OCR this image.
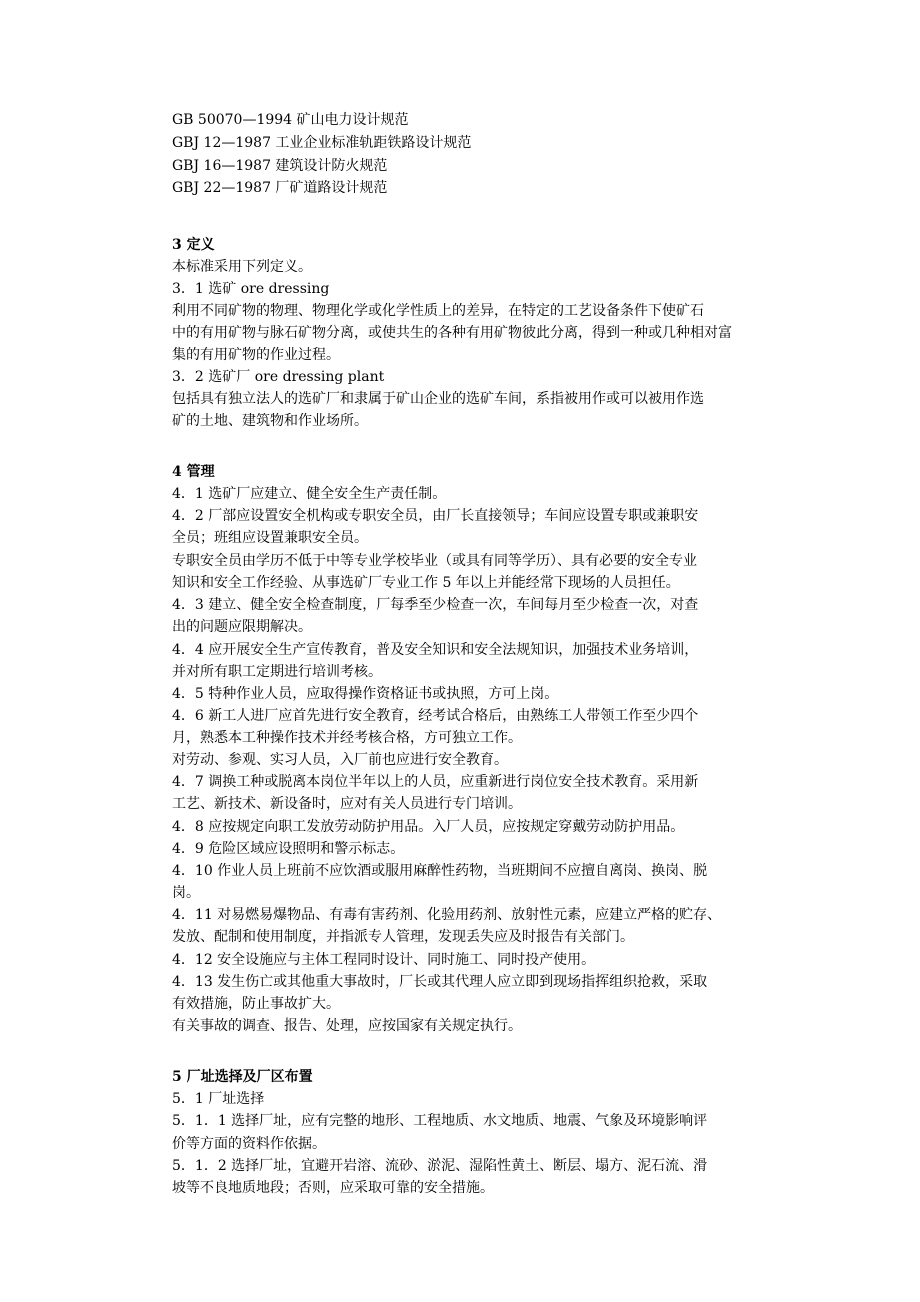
GB 50070—1994 矿山电力设计规范
GBJ 12—1987 工业企业标准轨距铁路设计规范
GBJ 16—1987 建筑设计防火规范
GBJ 22—1987 厂矿道路设计规范
3 定义
本标准采用下列定义。
3．1 选矿 ore dressing
利用不同矿物的物理、物理化学或化学性质上的差异，在特定的工艺设备条件下使矿石
中的有用矿物与脉石矿物分离，或使共生的各种有用矿物彼此分离，得到一种或几种相对富
集的有用矿物的作业过程。
3．2 选矿厂 ore dressing plant
包括具有独立法人的选矿厂和隶属于矿山企业的选矿车间，系指被用作或可以被用作选
矿的土地、建筑物和作业场所。
4 管理
4．1 选矿厂应建立、健全安全生产责任制。
4．2 厂部应设置安全机构或专职安全员，由厂长直接领导；车间应设置专职或兼职安
全员；班组应设置兼职安全员。
专职安全员由学历不低于中等专业学校毕业（或具有同等学历）、具有必要的安全专业
知识和安全工作经验、从事选矿厂专业工作 5 年以上并能经常下现场的人员担任。
4．3 建立、健全安全检查制度，厂每季至少检查一次，车间每月至少检查一次，对查
出的问题应限期解决。
4．4 应开展安全生产宣传教育，普及安全知识和安全法规知识，加强技术业务培训，
并对所有职工定期进行培训考核。
4．5 特种作业人员，应取得操作资格证书或执照，方可上岗。
4．6 新工人进厂应首先进行安全教育，经考试合格后，由熟练工人带领工作至少四个
月，熟悉本工种操作技术并经考核合格，方可独立工作。
对劳动、参观、实习人员，入厂前也应进行安全教育。
4．7 调换工种或脱离本岗位半年以上的人员，应重新进行岗位安全技术教育。采用新
工艺、新技术、新设备时，应对有关人员进行专门培训。
4．8 应按规定向职工发放劳动防护用品。入厂人员，应按规定穿戴劳动防护用品。
4．9 危险区域应设照明和警示标志。
4．10 作业人员上班前不应饮酒或服用麻醉性药物，当班期间不应擅自离岗、换岗、脱
岗。
4．11 对易燃易爆物品、有毒有害药剂、化验用药剂、放射性元素，应建立严格的贮存、
发放、配制和使用制度，并指派专人管理，发现丢失应及时报告有关部门。
4．12 安全设施应与主体工程同时设计、同时施工、同时投产使用。
4．13 发生伤亡或其他重大事故时，厂长或其代理人应立即到现场指挥组织抢救，采取
有效措施，防止事故扩大。
有关事故的调查、报告、处理，应按国家有关规定执行。
5 厂址选择及厂区布置
5．1 厂址选择
5．1．1 选择厂址，应有完整的地形、工程地质、水文地质、地震、气象及环境影响评
价等方面的资料作依据。
5．1．2 选择厂址，宜避开岩溶、流砂、淤泥、湿陷性黄土、断层、塌方、泥石流、滑
坡等不良地质地段；否则，应采取可靠的安全措施。
